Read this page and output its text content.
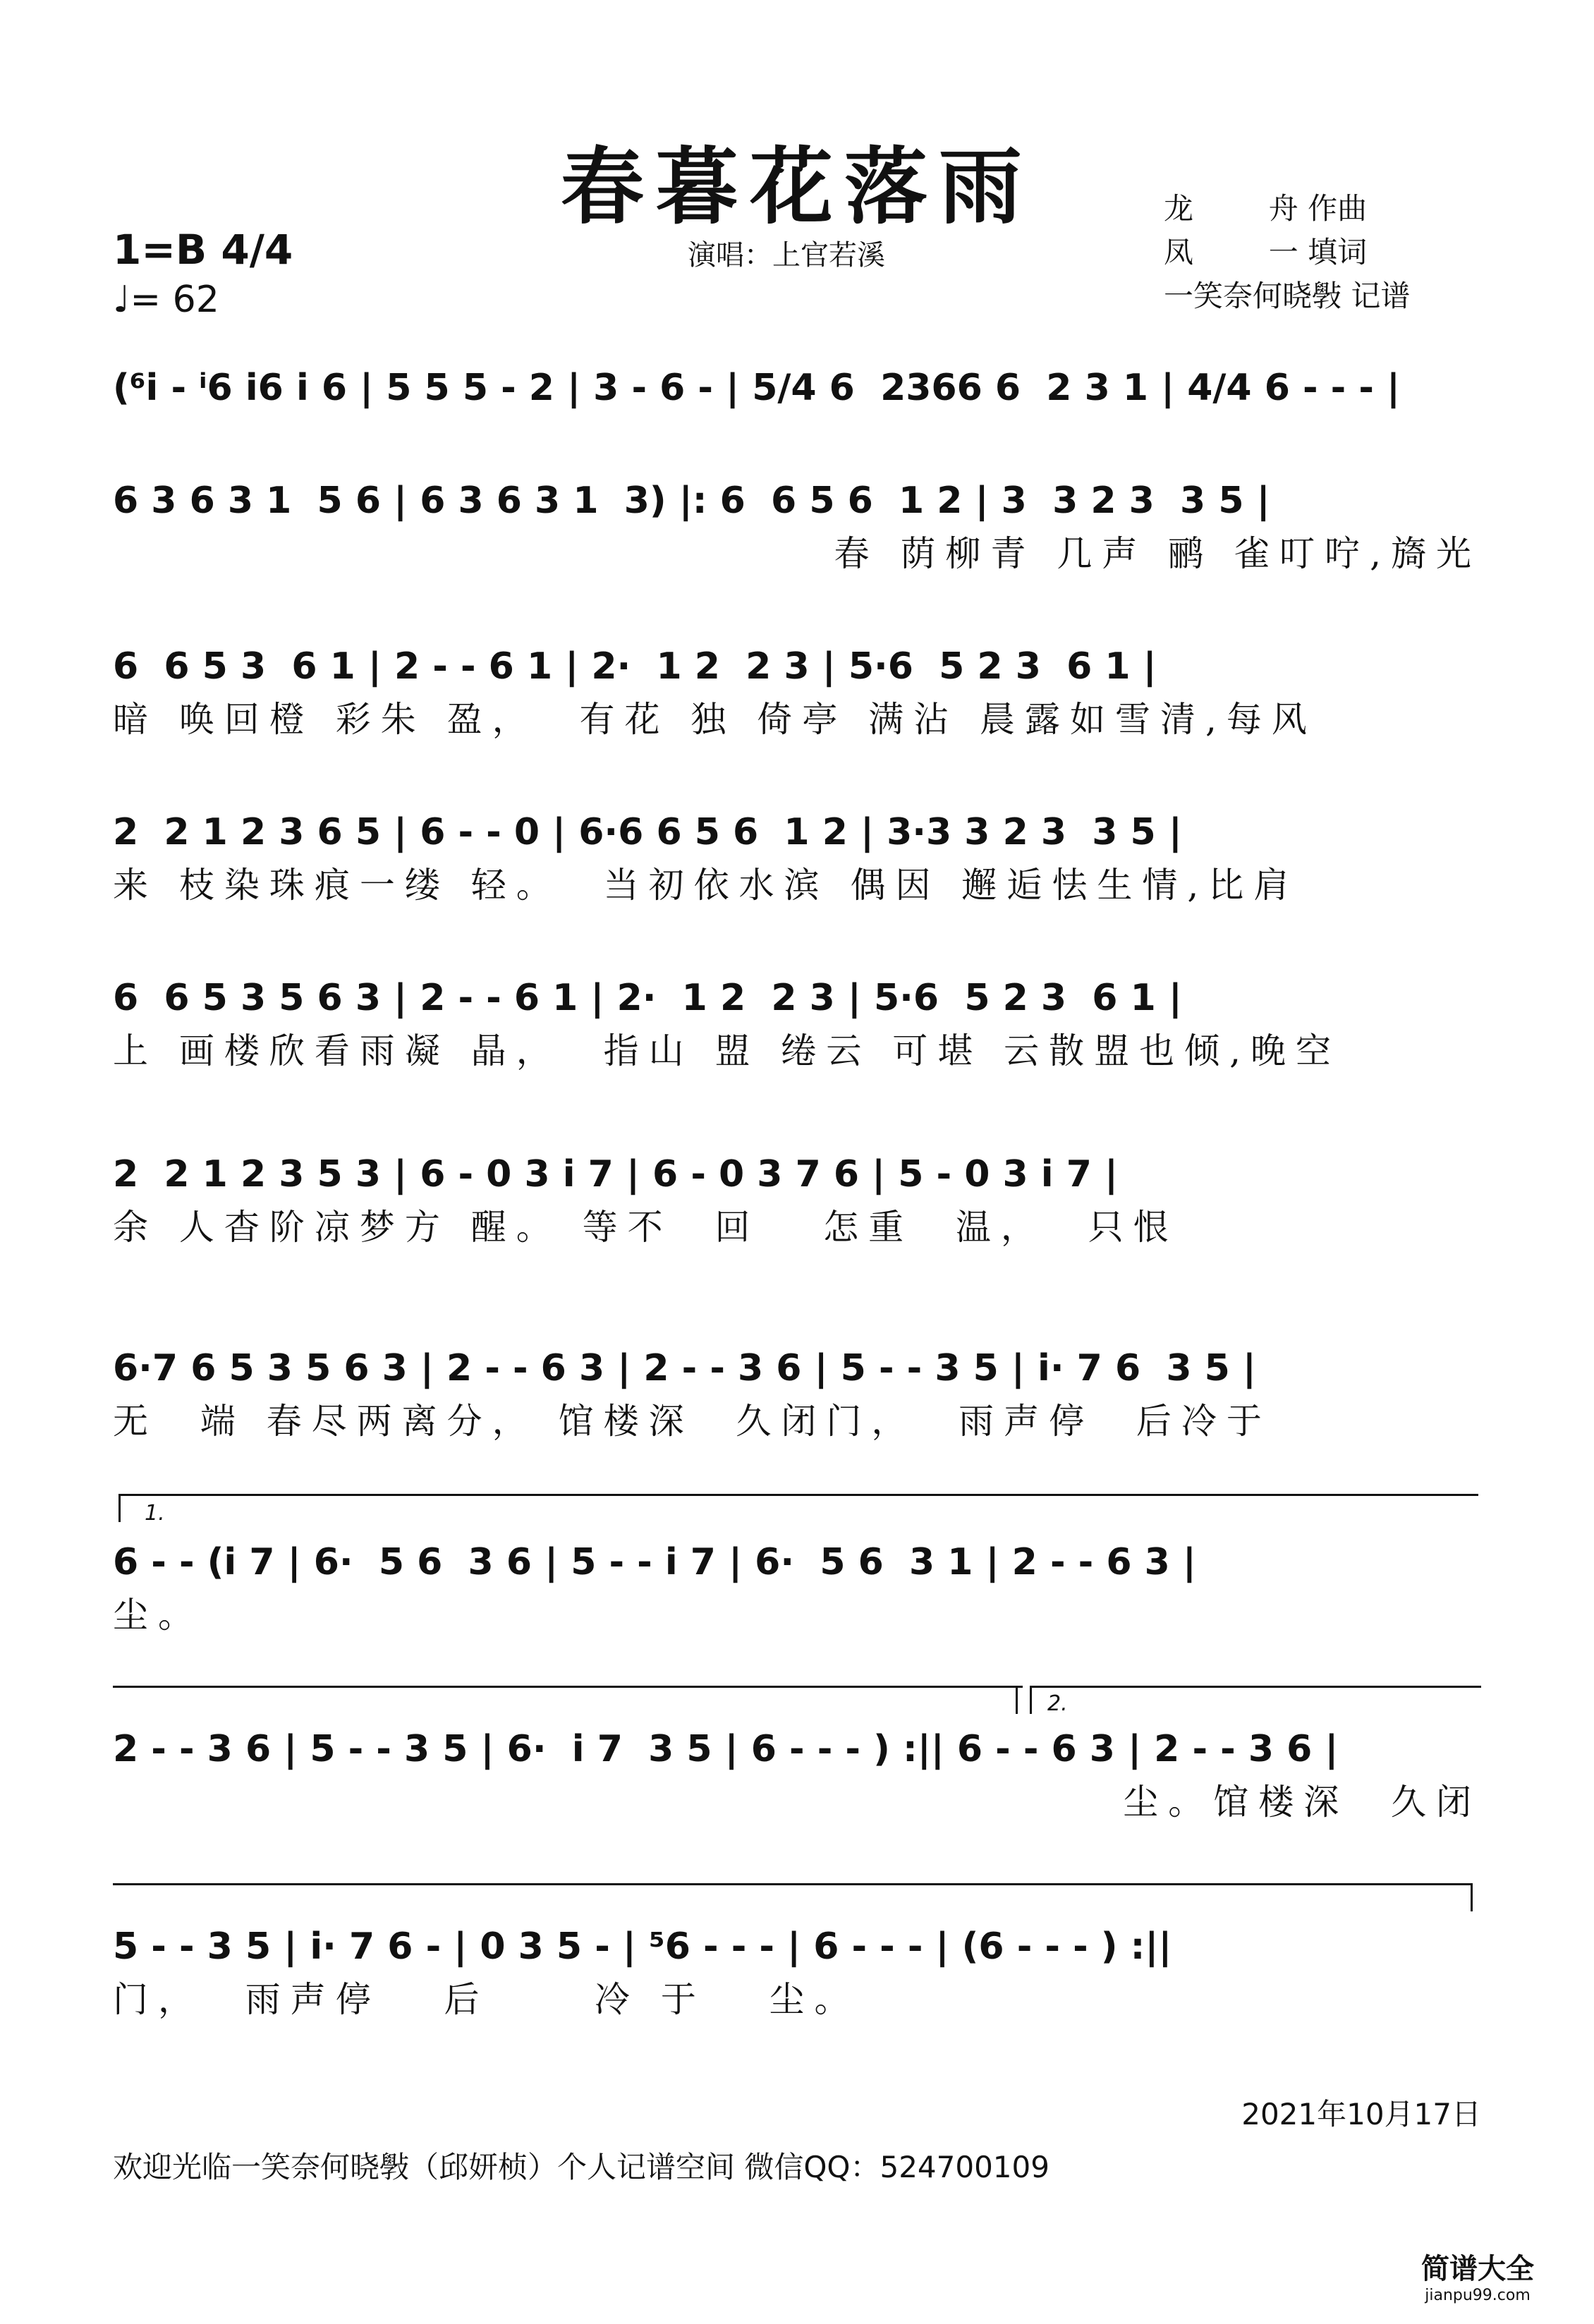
春暮花落雨
1=B 4/4
♩= 62
演唱：上官若溪
龙        舟 作曲
凤        一 填词
一笑奈何晓斅 记谱
(⁶i - ⁱ6 i6 i 6 | 5 5 5 - 2 | 3 - 6 - | 5/4 6  2366 6  2 3 1 | 4/4 6 - - - |
6 3 6 3 1  5 6 | 6 3 6 3 1  3) |: 6  6 5 6  1 2 | 3  3 2 3  3 5 |
春 荫柳青 几声 鹂 雀叮咛,旖光
6  6 5 3  6 1 | 2 - - 6 1 | 2·  1 2  2 3 | 5·6  5 2 3  6 1 |
暗 唤回橙 彩朱 盈，  有花 独 倚亭 满沾 晨露如雪清,每风
2  2 1 2 3 6 5 | 6 - - 0 | 6·6 6 5 6  1 2 | 3·3 3 2 3  3 5 |
来 枝染珠痕一缕 轻。  当初依水滨 偶因 邂逅怯生情,比肩
6  6 5 3 5 6 3 | 2 - - 6 1 | 2·  1 2  2 3 | 5·6  5 2 3  6 1 |
上 画楼欣看雨凝 晶，  指山 盟 绻云 可堪 云散盟也倾,晚空
2  2 1 2 3 5 3 | 6 - 0 3 i 7 | 6 - 0 3 7 6 | 5 - 0 3 i 7 |
余 人杳阶凉梦方 醒。 等不  回   怎重  温，  只恨
6·7 6 5 3 5 6 3 | 2 - - 6 3 | 2 - - 3 6 | 5 - - 3 5 | i· 7 6  3 5 |
无  端 春尽两离分， 馆楼深  久闭门，  雨声停  后冷于
1.
6 - - (i 7 | 6·  5 6  3 6 | 5 - - i 7 | 6·  5 6  3 1 | 2 - - 6 3 |
尘。
2.
2 - - 3 6 | 5 - - 3 5 | 6·  i 7  3 5 | 6 - - - ) :|| 6 - - 6 3 | 2 - - 3 6 |
尘。馆楼深  久闭
5 - - 3 5 | i· 7 6 - | 0 3 5 - | ⁵6 - - - | 6 - - - | (6 - - - ) :||
门，  雨声停   后     冷 于   尘。
2021年10月17日
欢迎光临一笑奈何晓斅（邱妍桢）个人记谱空间 微信QQ：524700109
简谱大全
jianpu99.com
